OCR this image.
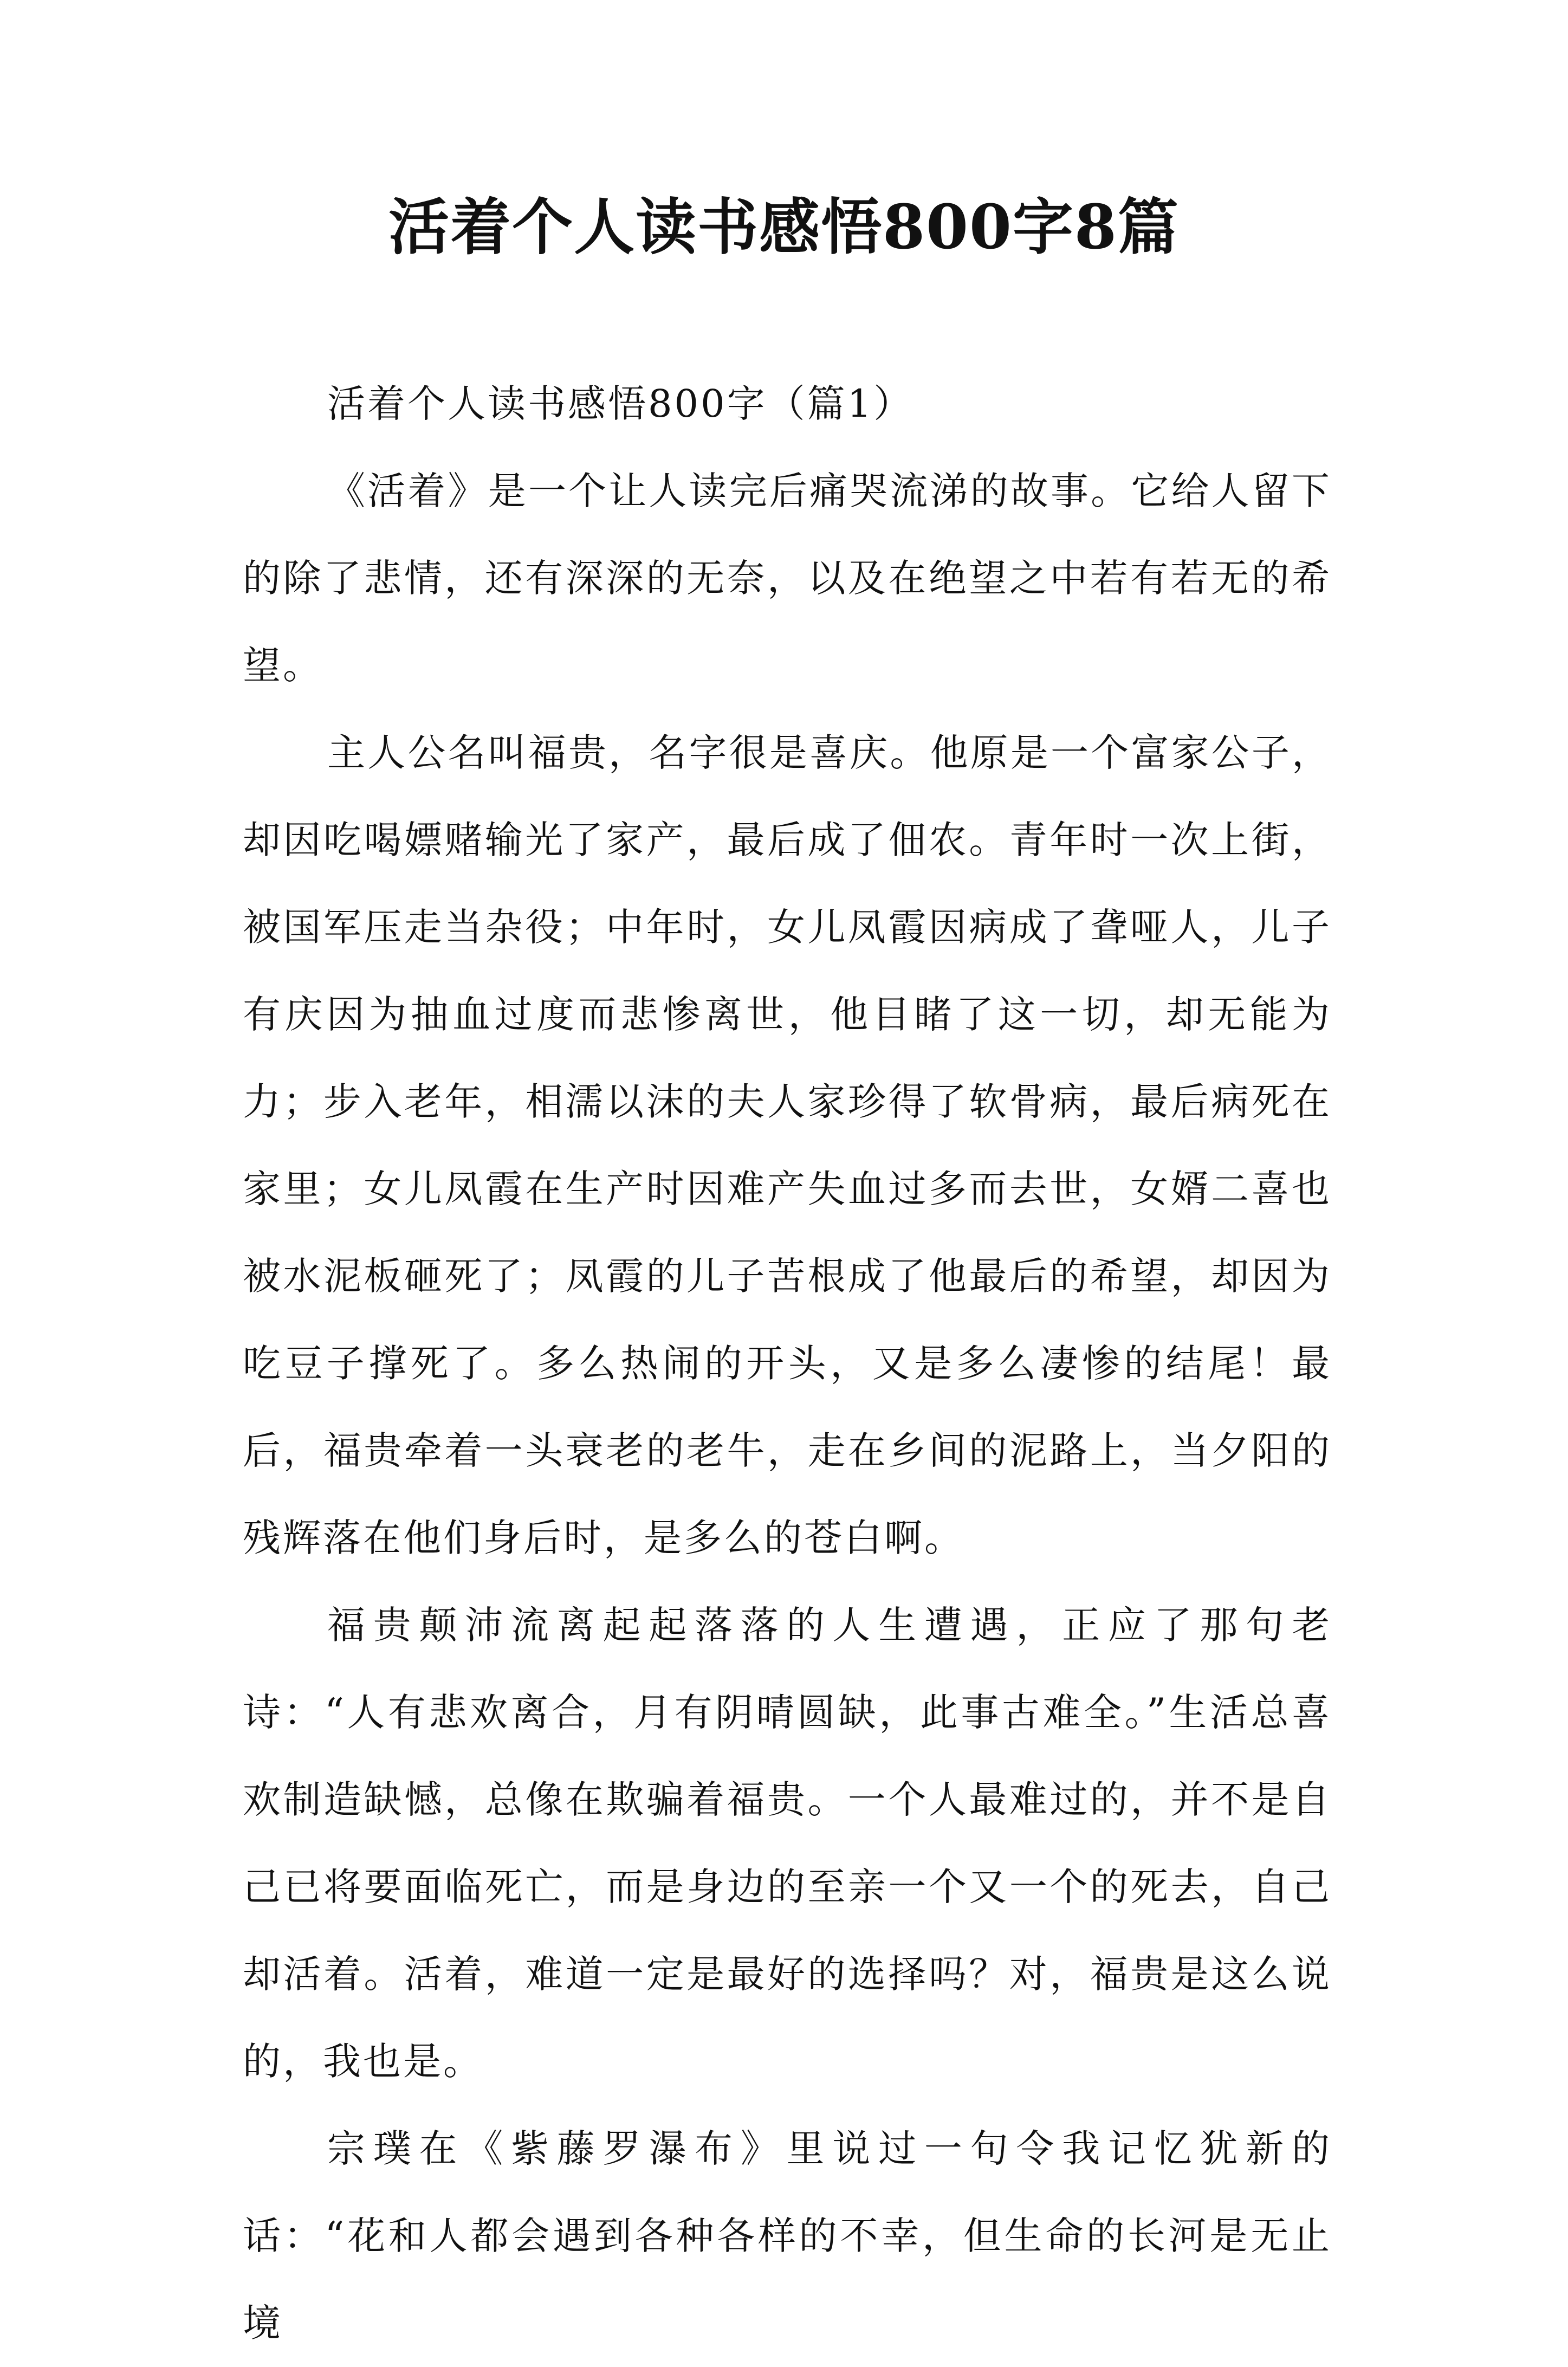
活着个人读书感悟800字8篇

活着个人读书感悟800字（篇1）

《活着》是一个让人读完后痛哭流涕的故事。它给人留下的除了悲情，还有深深的无奈，以及在绝望之中若有若无的希望。

主人公名叫福贵，名字很是喜庆。他原是一个富家公子，却因吃喝嫖赌输光了家产，最后成了佃农。青年时一次上街，被国军压走当杂役；中年时，女儿凤霞因病成了聋哑人，儿子有庆因为抽血过度而悲惨离世，他目睹了这一切，却无能为力；步入老年，相濡以沫的夫人家珍得了软骨病，最后病死在家里；女儿凤霞在生产时因难产失血过多而去世，女婿二喜也被水泥板砸死了；凤霞的儿子苦根成了他最后的希望，却因为吃豆子撑死了。多么热闹的开头，又是多么凄惨的结尾！最后，福贵牵着一头衰老的老牛，走在乡间的泥路上，当夕阳的残辉落在他们身后时，是多么的苍白啊。

福贵颠沛流离起起落落的人生遭遇，正应了那句老诗：“人有悲欢离合，月有阴晴圆缺，此事古难全。”生活总喜欢制造缺憾，总像在欺骗着福贵。一个人最难过的，并不是自己已将要面临死亡，而是身边的至亲一个又一个的死去，自己却活着。活着，难道一定是最好的选择吗？对，福贵是这么说的，我也是。

宗璞在《紫藤罗瀑布》里说过一句令我记忆犹新的话：“花和人都会遇到各种各样的不幸，但生命的长河是无止境
